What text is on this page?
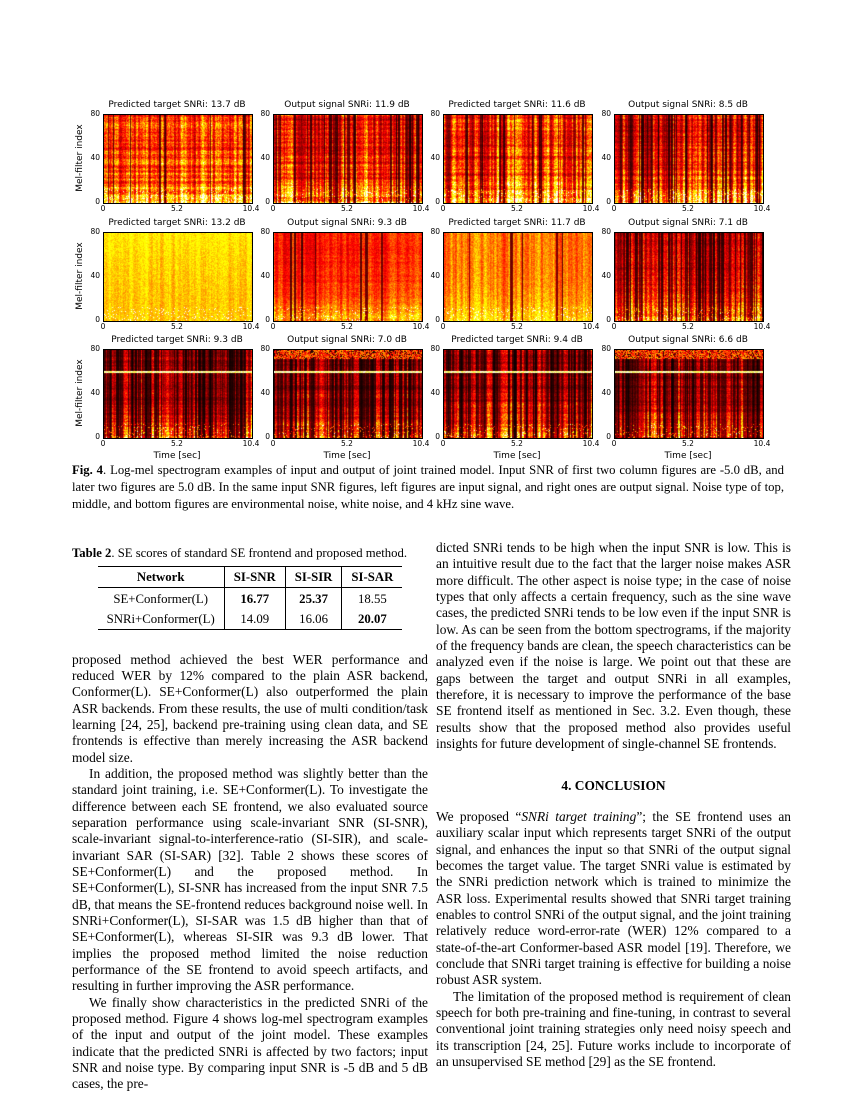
Mel-filter index
Predicted target SNRi: 13.7 dB
80
40
0
0	5.2	10.4
Output signal SNRi: 11.9 dB
80
40
0
0	5.2	10.4
Predicted target SNRi: 11.6 dB
80
40
0
0	5.2	10.4
Output signal SNRi: 8.5 dB
80
40
0
0	5.2	10.4
Mel-filter index
Predicted target SNRi: 13.2 dB
80
40
0
0	5.2	10.4
Output signal SNRi: 9.3 dB
80
40
0
0	5.2	10.4
Predicted target SNRi: 11.7 dB
80
40
0
0	5.2	10.4
Output signal SNRi: 7.1 dB
80
40
0
0	5.2	10.4
Mel-filter index
Predicted target SNRi: 9.3 dB
80
40
0
0	5.2	10.4
Time [sec]
Output signal SNRi: 7.0 dB
80
40
0
0	5.2	10.4
Time [sec]
Predicted target SNRi: 9.4 dB
80
40
0
0	5.2	10.4
Time [sec]
Output signal SNRi: 6.6 dB
80
40
0
0	5.2	10.4
Time [sec]
Fig. 4. Log-mel spectrogram examples of input and output of joint trained model. Input SNR of first two column figures are -5.0 dB, and later two figures are 5.0 dB. In the same input SNR figures, left figures are input signal, and right ones are output signal. Noise type of top, middle, and bottom figures are environmental noise, white noise, and 4 kHz sine wave.
Table 2. SE scores of standard SE frontend and proposed method.
Network	SI-SNR	SI-SIR	SI-SAR
SE+Conformer(L)	16.77	25.37	18.55
SNRi+Conformer(L)	14.09	16.06	20.07

proposed method achieved the best WER performance and reduced WER by 12% compared to the plain ASR backend, Conformer(L). SE+Conformer(L) also outperformed the plain ASR backends. From these results, the use of multi condition/task learning [24, 25], backend pre-training using clean data, and SE frontends is effective than merely increasing the ASR backend model size.

In addition, the proposed method was slightly better than the standard joint training, i.e. SE+Conformer(L). To investigate the difference between each SE frontend, we also evaluated source separation performance using scale-invariant SNR (SI-SNR), scale-invariant signal-to-interference-ratio (SI-SIR), and scale-invariant SAR (SI-SAR) [32]. Table 2 shows these scores of SE+Conformer(L) and the proposed method. In SE+Conformer(L), SI-SNR has increased from the input SNR 7.5 dB, that means the SE-frontend reduces background noise well. In SNRi+Conformer(L), SI-SAR was 1.5 dB higher than that of SE+Conformer(L), whereas SI-SIR was 9.3 dB lower. That implies the proposed method limited the noise reduction performance of the SE frontend to avoid speech artifacts, and resulting in further improving the ASR performance.

We finally show characteristics in the predicted SNRi of the proposed method. Figure 4 shows log-mel spectrogram examples of the input and output of the joint model. These examples indicate that the predicted SNRi is affected by two factors; input SNR and noise type. By comparing input SNR is -5 dB and 5 dB cases, the pre-

dicted SNRi tends to be high when the input SNR is low. This is an intuitive result due to the fact that the larger noise makes ASR more difficult. The other aspect is noise type; in the case of noise types that only affects a certain frequency, such as the sine wave cases, the predicted SNRi tends to be low even if the input SNR is low. As can be seen from the bottom spectrograms, if the majority of the frequency bands are clean, the speech characteristics can be analyzed even if the noise is large. We point out that these are gaps between the target and output SNRi in all examples, therefore, it is necessary to improve the performance of the base SE frontend itself as mentioned in Sec. 3.2. Even though, these results show that the proposed method also provides useful insights for future development of single-channel SE frontends.

4. CONCLUSION

We proposed “SNRi target training”; the SE frontend uses an auxiliary scalar input which represents target SNRi of the output signal, and enhances the input so that SNRi of the output signal becomes the target value. The target SNRi value is estimated by the SNRi prediction network which is trained to minimize the ASR loss. Experimental results showed that SNRi target training enables to control SNRi of the output signal, and the joint training relatively reduce word-error-rate (WER) 12% compared to a state-of-the-art Conformer-based ASR model [19]. Therefore, we conclude that SNRi target training is effective for building a noise robust ASR system.

The limitation of the proposed method is requirement of clean speech for both pre-training and fine-tuning, in contrast to several conventional joint training strategies only need noisy speech and its transcription [24, 25]. Future works include to incorporate of an unsupervised SE method [29] as the SE frontend.
